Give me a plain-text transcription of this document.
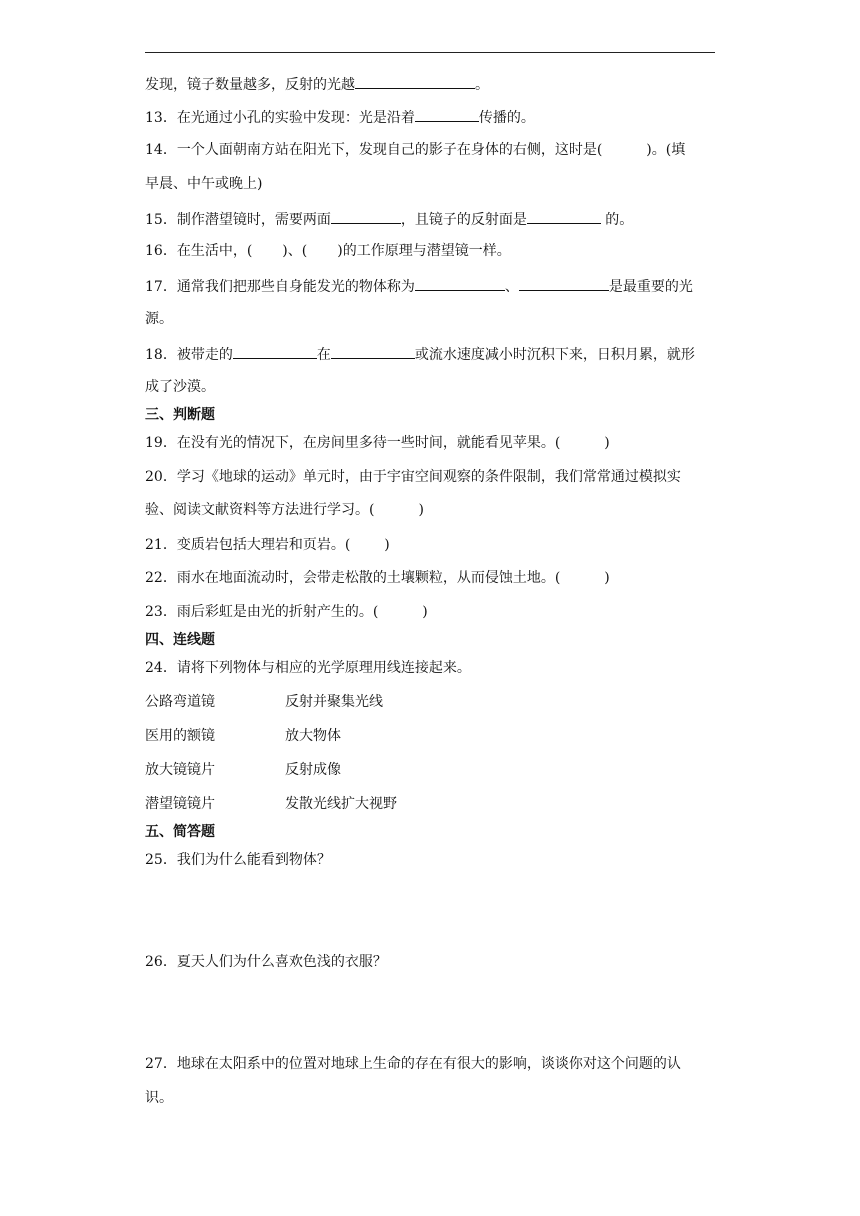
发现，镜子数量越多，反射的光越	。
13．在光通过小孔的实验中发现：光是沿着	传播的。
14．一个人面朝南方站在阳光下，发现自己的影子在身体的右侧，这时是(	)。(填
早晨、中午或晚上)
15．制作潜望镜时，需要两面	，且镜子的反射面是	的。
16．在生活中，( )、( )的工作原理与潜望镜一样。
17．通常我们把那些自身能发光的物体称为	、	是最重要的光
源。
18．被带走的	在	或流水速度减小时沉积下来，日积月累，就形
成了沙漠。
三、判断题
19．在没有光的情况下，在房间里多待一些时间，就能看见苹果。(	)
20．学习《地球的运动》单元时，由于宇宙空间观察的条件限制，我们常常通过模拟实
验、阅读文献资料等方法进行学习。(	)
21．变质岩包括大理岩和页岩。( )
22．雨水在地面流动时，会带走松散的土壤颗粒，从而侵蚀土地。(	)
23．雨后彩虹是由光的折射产生的。(	)
四、连线题
24．请将下列物体与相应的光学原理用线连接起来。
公路弯道镜	反射并聚集光线
医用的额镜	放大物体
放大镜镜片	反射成像
潜望镜镜片	发散光线扩大视野
五、简答题
25．我们为什么能看到物体？
26．夏天人们为什么喜欢色浅的衣服？
27．地球在太阳系中的位置对地球上生命的存在有很大的影响，谈谈你对这个问题的认
识。
